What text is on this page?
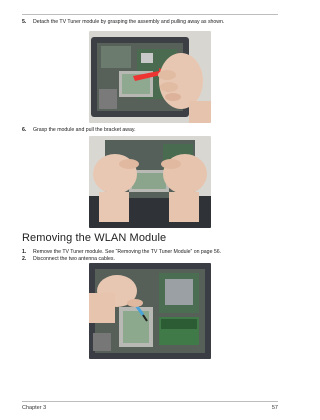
5. Detach the TV Tuner module by grasping the assembly and pulling away as shown.
6. Grasp the module and pull the bracket away.
Removing the WLAN Module
1. Remove the TV Tuner module. See “Removing the TV Tuner Module” on page 56.
2. Disconnect the two antenna cables.
Chapter 3	57
